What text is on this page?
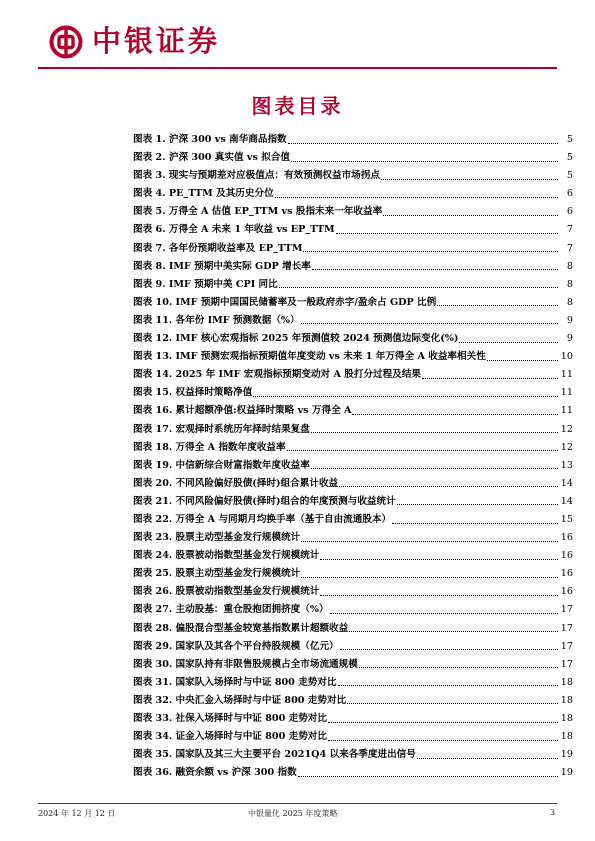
中银证券
图表目录
图表 1. 沪深 300 vs 南华商品指数	5
图表 2. 沪深 300 真实值 vs 拟合值	5
图表 3. 现实与预期差对应极值点：有效预测权益市场拐点	5
图表 4. PE_TTM 及其历史分位	6
图表 5. 万得全 A 估值 EP_TTM vs 股指未来一年收益率	6
图表 6. 万得全 A 未来 1 年收益 vs EP_TTM	7
图表 7. 各年份预期收益率及 EP_TTM	7
图表 8. IMF 预期中美实际 GDP 增长率	8
图表 9. IMF 预期中美 CPI 同比	8
图表 10. IMF 预期中国国民储蓄率及一般政府赤字/盈余占 GDP 比例	8
图表 11. 各年份 IMF 预测数据（%）	9
图表 12. IMF 核心宏观指标 2025 年预测值较 2024 预测值边际变化(%)	9
图表 13. IMF 预测宏观指标预期值年度变动 vs 未来 1 年万得全 A 收益率相关性	10
图表 14. 2025 年 IMF 宏观指标预期变动对 A 股打分过程及结果	11
图表 15. 权益择时策略净值	11
图表 16. 累计超额净值:权益择时策略 vs 万得全 A	11
图表 17. 宏观择时系统历年择时结果复盘	12
图表 18. 万得全 A 指数年度收益率	12
图表 19. 中信新综合财富指数年度收益率	13
图表 20. 不同风险偏好股债(择时)组合累计收益	14
图表 21. 不同风险偏好股债(择时)组合的年度预测与收益统计	14
图表 22. 万得全 A 与同期月均换手率（基于自由流通股本）	15
图表 23. 股票主动型基金发行规模统计	16
图表 24. 股票被动指数型基金发行规模统计	16
图表 25. 股票主动型基金发行规模统计	16
图表 26. 股票被动指数型基金发行规模统计	16
图表 27. 主动股基：重仓股抱团拥挤度（%）	17
图表 28. 偏股混合型基金较宽基指数累计超额收益	17
图表 29. 国家队及其各个平台持股规模（亿元）	17
图表 30. 国家队持有非限售股规模占全市场流通规模	17
图表 31. 国家队入场择时与中证 800 走势对比	18
图表 32. 中央汇金入场择时与中证 800 走势对比	18
图表 33. 社保入场择时与中证 800 走势对比	18
图表 34. 证金入场择时与中证 800 走势对比	18
图表 35. 国家队及其三大主要平台 2021Q4 以来各季度进出信号	19
图表 36. 融资余额 vs 沪深 300 指数	19
2024 年 12 月 12 日	中银量化 2025 年度策略	3
